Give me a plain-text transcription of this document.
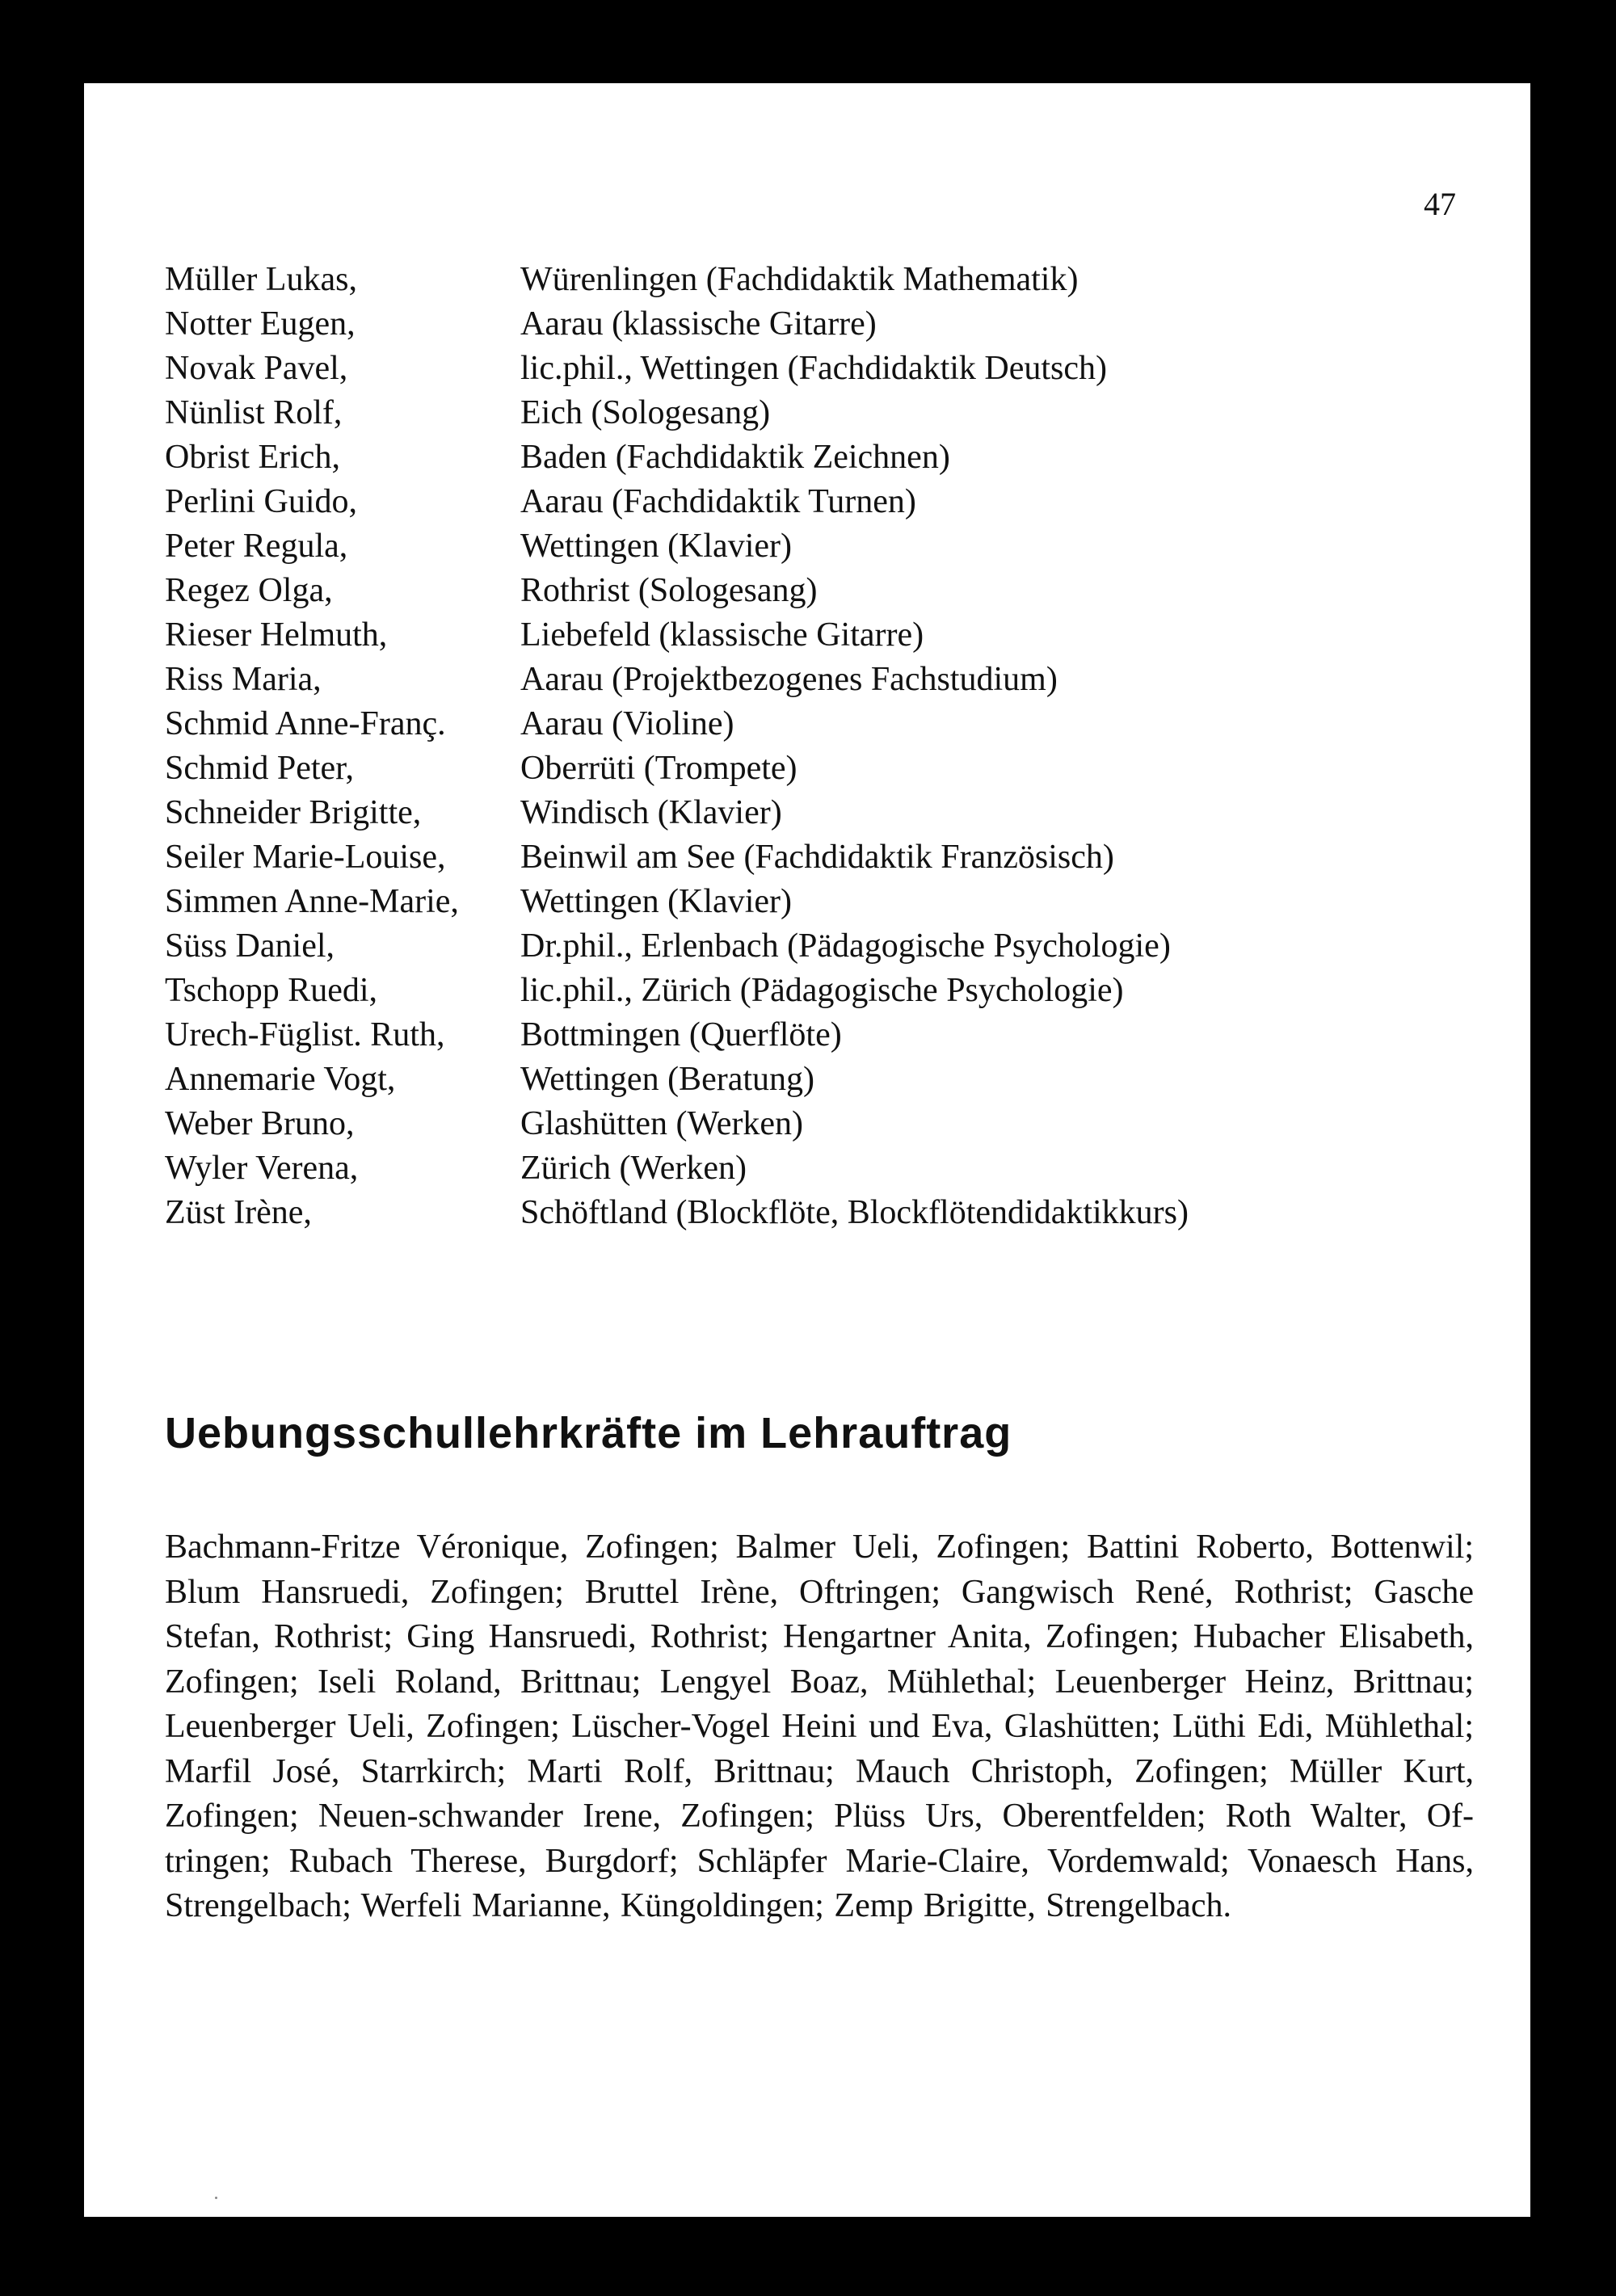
47
Müller Lukas,	Würenlingen (Fachdidaktik Mathematik)
Notter Eugen,	Aarau (klassische Gitarre)
Novak Pavel,	lic.phil., Wettingen (Fachdidaktik Deutsch)
Nünlist Rolf,	Eich (Sologesang)
Obrist Erich,	Baden (Fachdidaktik Zeichnen)
Perlini Guido,	Aarau (Fachdidaktik Turnen)
Peter Regula,	Wettingen (Klavier)
Regez Olga,	Rothrist (Sologesang)
Rieser Helmuth,	Liebefeld (klassische Gitarre)
Riss Maria,	Aarau (Projektbezogenes Fachstudium)
Schmid Anne-Franç.	Aarau (Violine)
Schmid Peter,	Oberrüti (Trompete)
Schneider Brigitte,	Windisch (Klavier)
Seiler Marie-Louise,	Beinwil am See (Fachdidaktik Französisch)
Simmen Anne-Marie,	Wettingen (Klavier)
Süss Daniel,	Dr.phil., Erlenbach (Pädagogische Psychologie)
Tschopp Ruedi,	lic.phil., Zürich (Pädagogische Psychologie)
Urech-Füglist. Ruth,	Bottmingen (Querflöte)
Annemarie Vogt,	Wettingen (Beratung)
Weber Bruno,	Glashütten (Werken)
Wyler Verena,	Zürich (Werken)
Züst Irène,	Schöftland (Blockflöte, Blockflötendidaktikkurs)
Uebungsschullehrkräfte im Lehrauftrag

Bachmann-Fritze Véronique, Zofingen; Balmer Ueli, Zofingen; Battini Roberto, Bottenwil; Blum Hansruedi, Zofingen; Bruttel Irène, Oftringen; Gangwisch René, Rothrist; Gasche Stefan, Rothrist; Ging Hansruedi, Rothrist; Hengartner Anita, Zofingen; Hubacher Elisabeth, Zofingen; Iseli Roland, Brittnau; Lengyel Boaz, Mühlethal; Leuenberger Heinz, Brittnau; Leuenberger Ueli, Zofingen; Lüscher-Vogel Heini und Eva, Glashütten; Lüthi Edi, Mühlethal; Marfil José, Starrkirch; Marti Rolf, Brittnau; Mauch Christoph, Zofingen; Müller Kurt, Zofingen; Neuen-schwander Irene, Zofingen; Plüss Urs, Oberentfelden; Roth Walter, Of-tringen; Rubach Therese, Burgdorf; Schläpfer Marie-Claire, Vordemwald; Vonaesch Hans, Strengelbach; Werfeli Marianne, Küngoldingen; Zemp Brigitte, Strengelbach.
